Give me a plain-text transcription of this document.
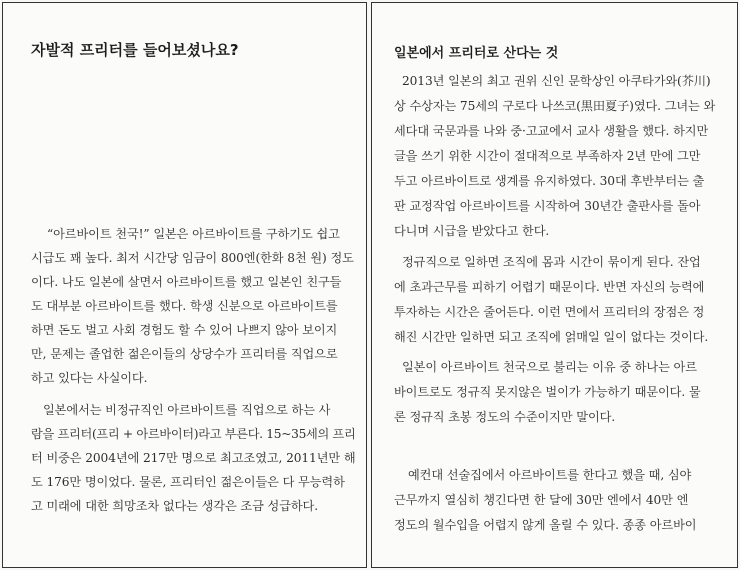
자발적 프리터를 들어보셨나요?
“아르바이트 천국!” 일본은 아르바이트를 구하기도 쉽고
시급도 꽤 높다. 최저 시간당 임금이 800엔(한화 8천 원) 정도
이다. 나도 일본에 살면서 아르바이트를 했고 일본인 친구들
도 대부분 아르바이트를 했다. 학생 신분으로 아르바이트를
하면 돈도 벌고 사회 경험도 할 수 있어 나쁘지 않아 보이지
만, 문제는 졸업한 젊은이들의 상당수가 프리터를 직업으로
하고 있다는 사실이다.
일본에서는 비정규직인 아르바이트를 직업으로 하는 사
람을 프리터(프리 + 아르바이터)라고 부른다. 15~35세의 프리
터 비중은 2004년에 217만 명으로 최고조였고, 2011년만 해
도 176만 명이었다. 물론, 프리터인 젊은이들은 다 무능력하
고 미래에 대한 희망조차 없다는 생각은 조금 성급하다.
일본에서 프리터로 산다는 것
2013년 일본의 최고 권위 신인 문학상인 아쿠타가와(芥川)
상 수상자는 75세의 구로다 나쓰코(黒田夏子)였다. 그녀는 와
세다대 국문과를 나와 중·고교에서 교사 생활을 했다. 하지만
글을 쓰기 위한 시간이 절대적으로 부족하자 2년 만에 그만
두고 아르바이트로 생계를 유지하였다. 30대 후반부터는 출
판 교정작업 아르바이트를 시작하여 30년간 출판사를 돌아
다니며 시급을 받았다고 한다.
정규직으로 일하면 조직에 몸과 시간이 묶이게 된다. 잔업
에 초과근무를 피하기 어렵기 때문이다. 반면 자신의 능력에
투자하는 시간은 줄어든다. 이런 면에서 프리터의 장점은 정
해진 시간만 일하면 되고 조직에 얽매일 일이 없다는 것이다.
일본이 아르바이트 천국으로 불리는 이유 중 하나는 아르
바이트로도 정규직 못지않은 벌이가 가능하기 때문이다. 물
론 정규직 초봉 정도의 수준이지만 말이다.
예컨대 선술집에서 아르바이트를 한다고 했을 때, 심야
근무까지 열심히 챙긴다면 한 달에 30만 엔에서 40만 엔
정도의 월수입을 어렵지 않게 올릴 수 있다. 종종 아르바이
